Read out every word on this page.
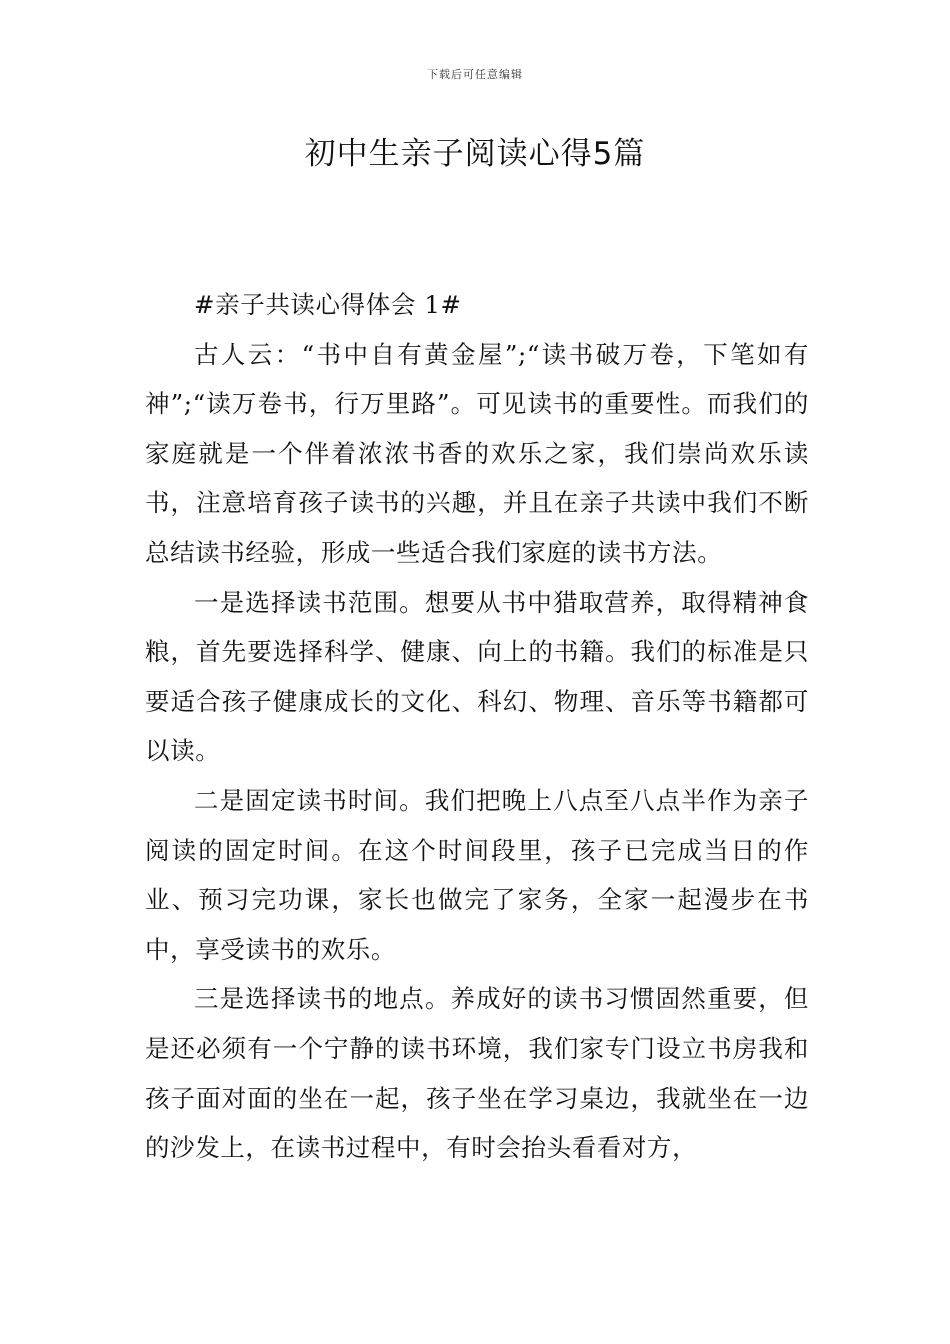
下载后可任意编辑
初中生亲子阅读心得5篇

#亲子共读心得体会 1#

古人云：“书中自有黄金屋”;“读书破万卷，下笔如有神”;“读万卷书，行万里路”。可见读书的重要性。而我们的家庭就是一个伴着浓浓书香的欢乐之家，我们崇尚欢乐读书，注意培育孩子读书的兴趣，并且在亲子共读中我们不断总结读书经验，形成一些适合我们家庭的读书方法。

一是选择读书范围。想要从书中猎取营养，取得精神食粮，首先要选择科学、健康、向上的书籍。我们的标准是只要适合孩子健康成长的文化、科幻、物理、音乐等书籍都可以读。

二是固定读书时间。我们把晚上八点至八点半作为亲子阅读的固定时间。在这个时间段里，孩子已完成当日的作业、预习完功课，家长也做完了家务，全家一起漫步在书中，享受读书的欢乐。

三是选择读书的地点。养成好的读书习惯固然重要，但是还必须有一个宁静的读书环境，我们家专门设立书房我和孩子面对面的坐在一起，孩子坐在学习桌边，我就坐在一边的沙发上，在读书过程中，有时会抬头看看对方，
